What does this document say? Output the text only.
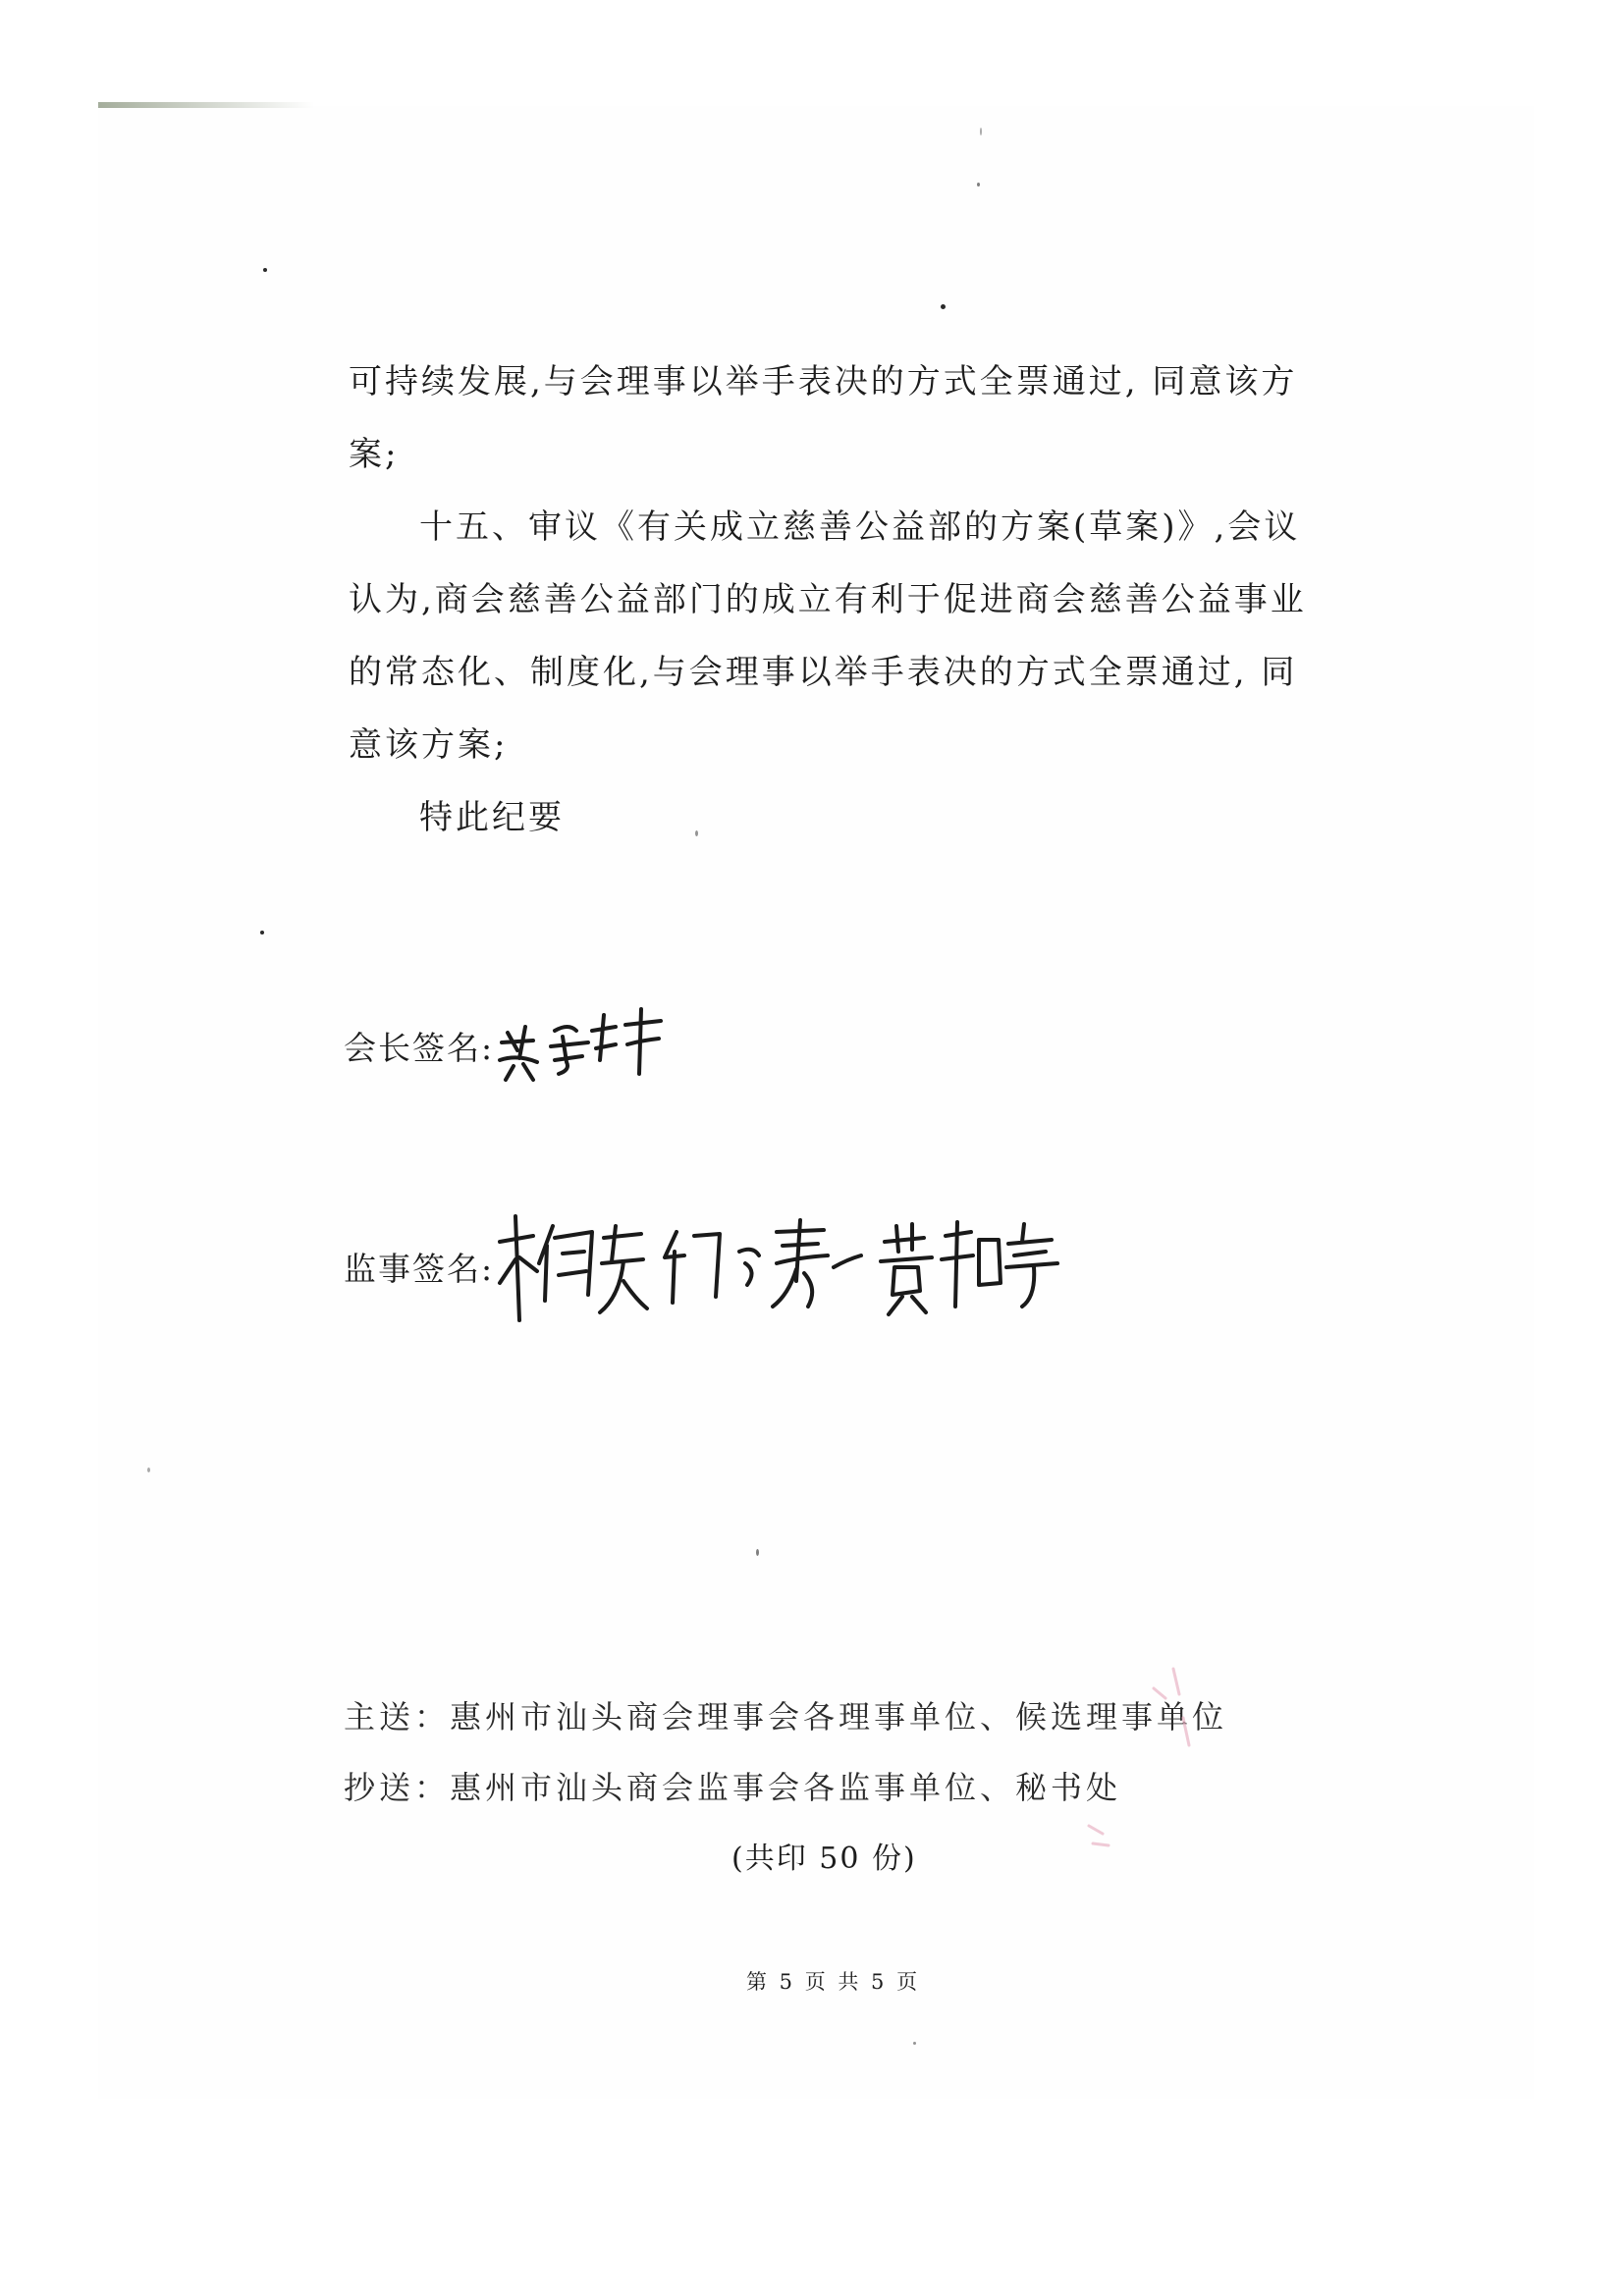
可持续发展,与会理事以举手表决的方式全票通过, 同意该方案;

十五、审议《有关成立慈善公益部的方案(草案)》,会议认为,商会慈善公益部门的成立有利于促进商会慈善公益事业的常态化、制度化,与会理事以举手表决的方式全票通过, 同意该方案;

特此纪要

会长签名:
监事签名:
主送：惠州市汕头商会理事会各理事单位、候选理事单位
抄送：惠州市汕头商会监事会各监事单位、秘书处
(共印 50 份)
第 5 页 共 5 页
